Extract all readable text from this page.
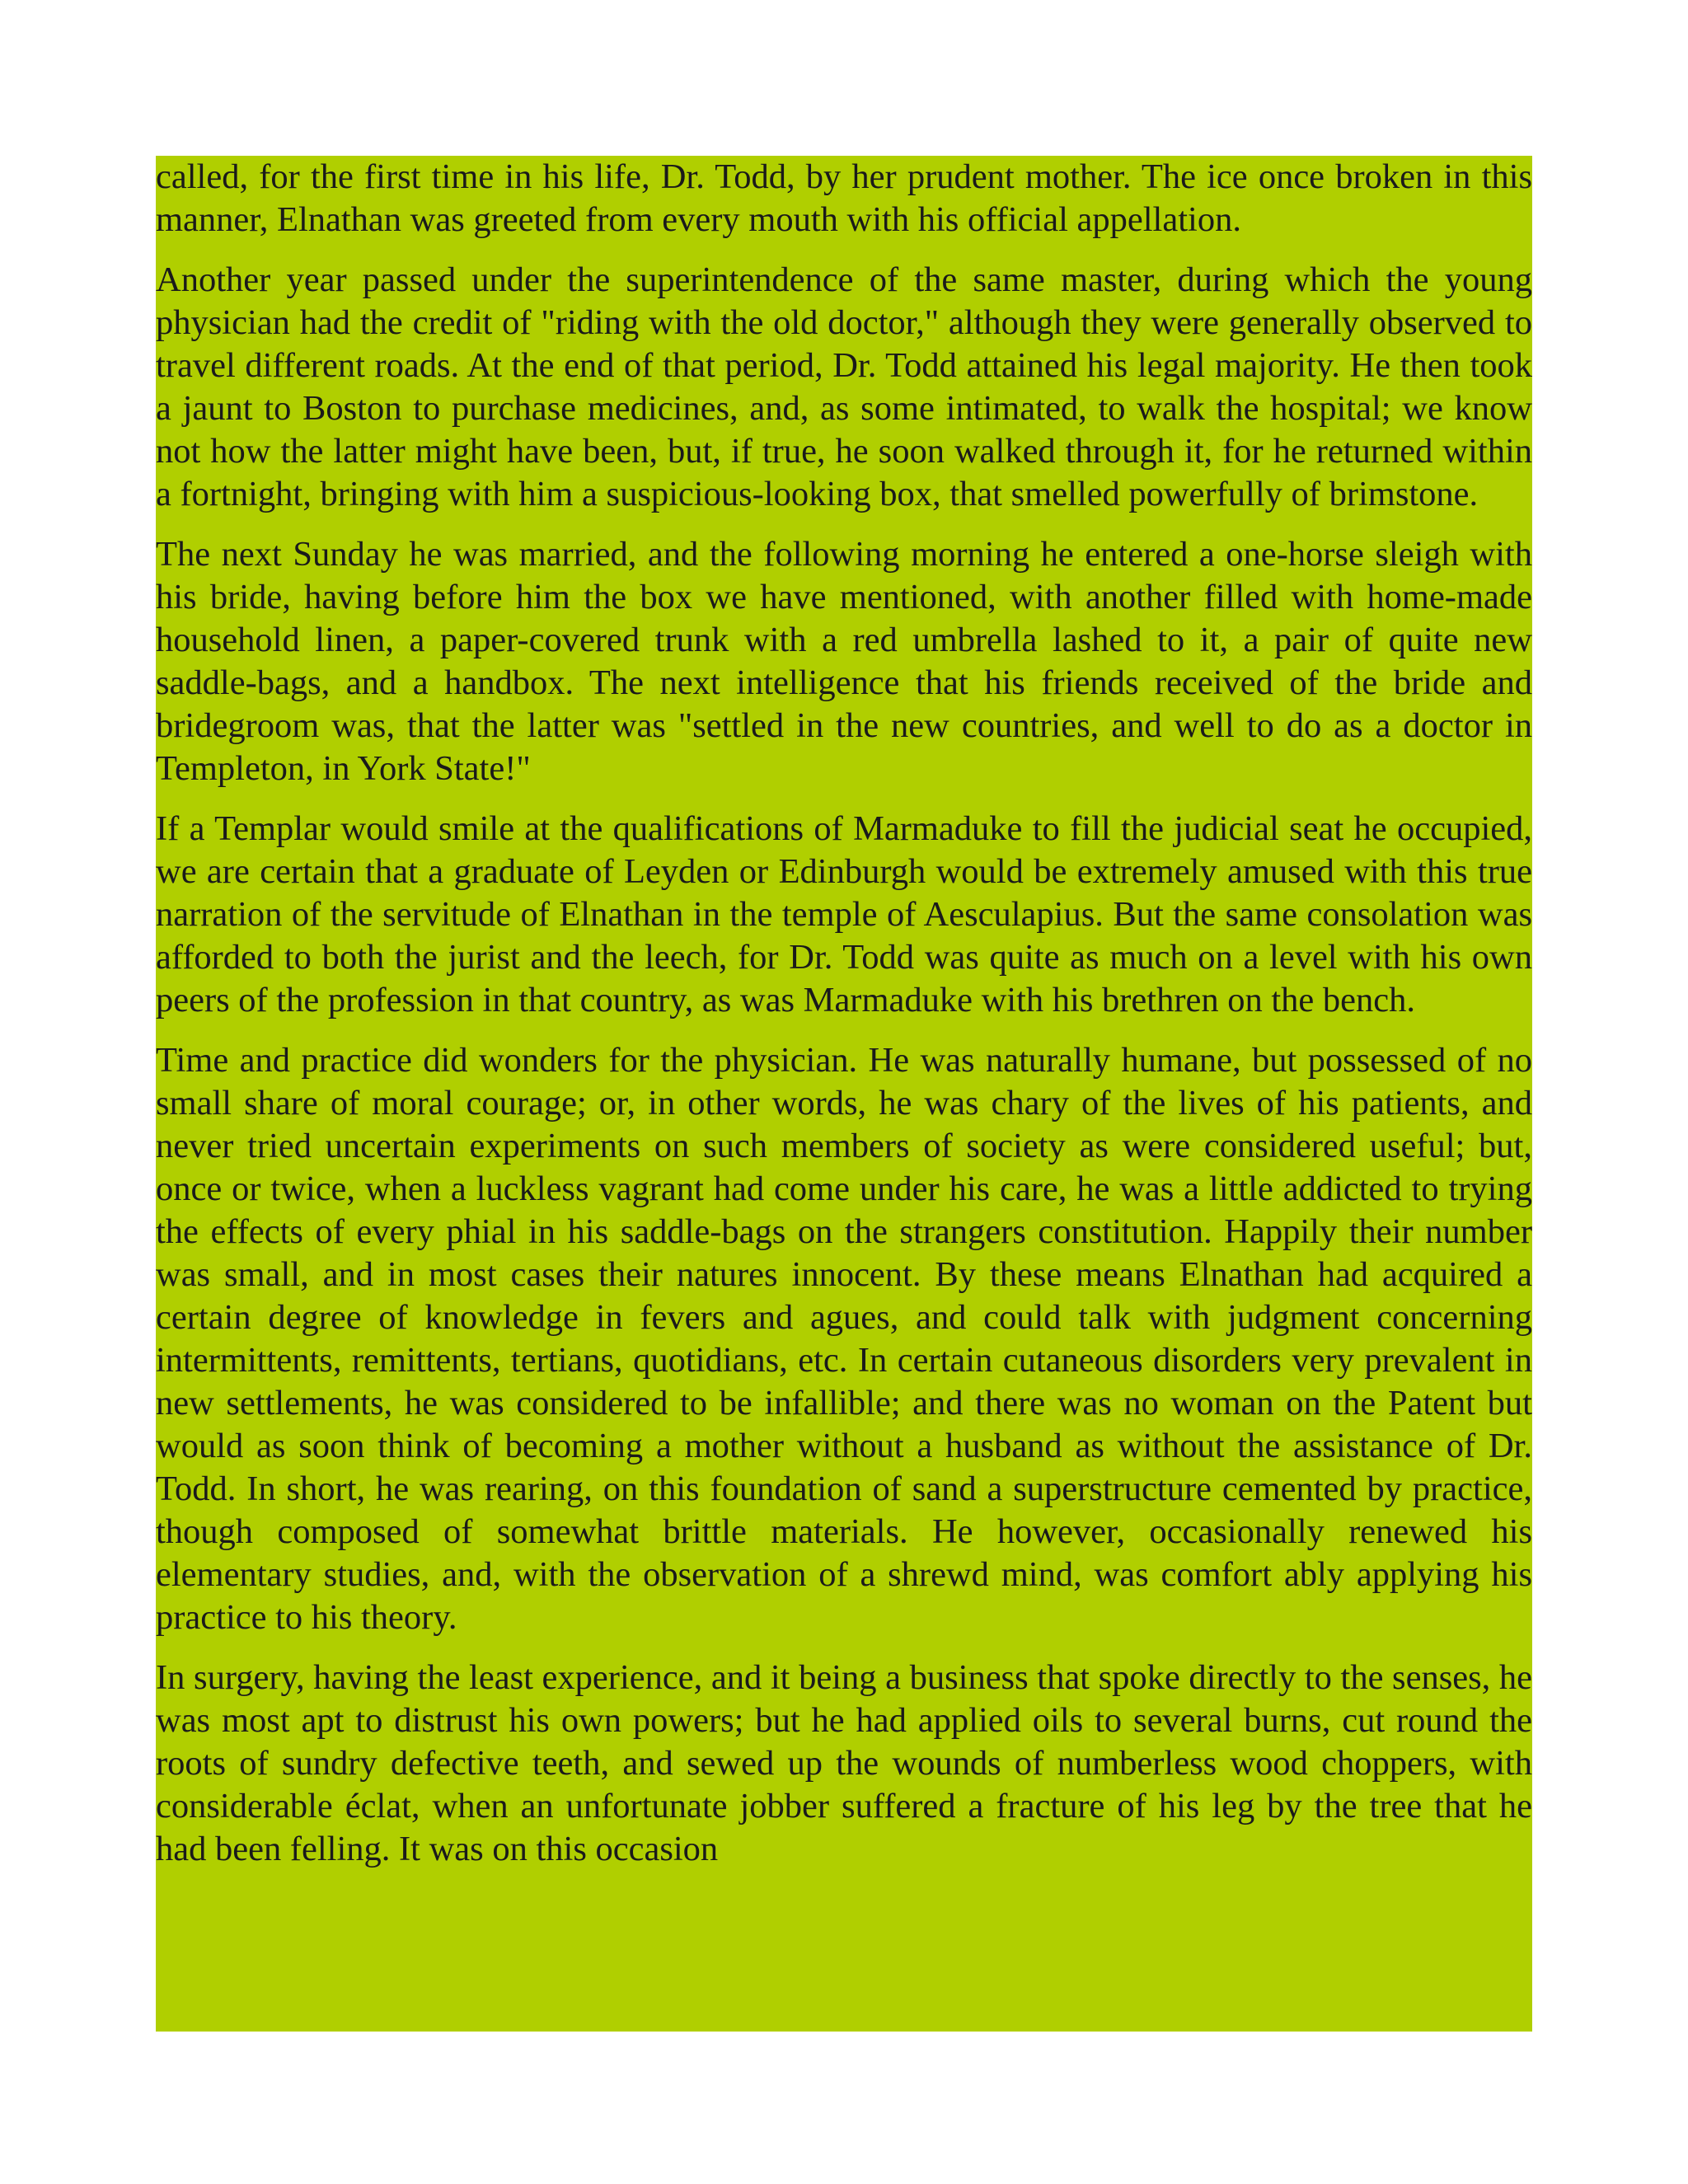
called, for the first time in his life, Dr. Todd, by her prudent mother. The ice once broken in this manner, Elnathan was greeted from every mouth with his official appellation.

Another year passed under the superintendence of the same master, during which the young physician had the credit of "riding with the old doctor," although they were generally observed to travel different roads. At the end of that period, Dr. Todd attained his legal majority. He then took a jaunt to Boston to purchase medicines, and, as some intimated, to walk the hospital; we know not how the latter might have been, but, if true, he soon walked through it, for he returned within a fortnight, bringing with him a suspicious-looking box, that smelled powerfully of brimstone.

The next Sunday he was married, and the following morning he entered a one-horse sleigh with his bride, having before him the box we have mentioned, with another filled with home-made household linen, a paper-covered trunk with a red umbrella lashed to it, a pair of quite new saddle-bags, and a handbox. The next intelligence that his friends received of the bride and bridegroom was, that the latter was "settled in the new countries, and well to do as a doctor in Templeton, in York State!"

If a Templar would smile at the qualifications of Marmaduke to fill the judicial seat he occupied, we are certain that a graduate of Leyden or Edinburgh would be extremely amused with this true narration of the servitude of Elnathan in the temple of Aesculapius. But the same consolation was afforded to both the jurist and the leech, for Dr. Todd was quite as much on a level with his own peers of the profession in that country, as was Marmaduke with his brethren on the bench.

Time and practice did wonders for the physician. He was naturally humane, but possessed of no small share of moral courage; or, in other words, he was chary of the lives of his patients, and never tried uncertain experiments on such members of society as were considered useful; but, once or twice, when a luckless vagrant had come under his care, he was a little addicted to trying the effects of every phial in his saddle-bags on the strangers constitution. Happily their number was small, and in most cases their natures innocent. By these means Elnathan had acquired a certain degree of knowledge in fevers and agues, and could talk with judgment concerning intermittents, remittents, tertians, quotidians, etc. In certain cutaneous disorders very prevalent in new settlements, he was considered to be infallible; and there was no woman on the Patent but would as soon think of becoming a mother without a husband as without the assistance of Dr. Todd. In short, he was rearing, on this foundation of sand a superstructure cemented by practice, though composed of somewhat brittle materials. He however, occasionally renewed his elementary studies, and, with the observation of a shrewd mind, was comfort ably applying his practice to his theory.

In surgery, having the least experience, and it being a business that spoke directly to the senses, he was most apt to distrust his own powers; but he had applied oils to several burns, cut round the roots of sundry defective teeth, and sewed up the wounds of numberless wood choppers, with considerable éclat, when an unfortunate jobber suffered a fracture of his leg by the tree that he had been felling. It was on this occasion
